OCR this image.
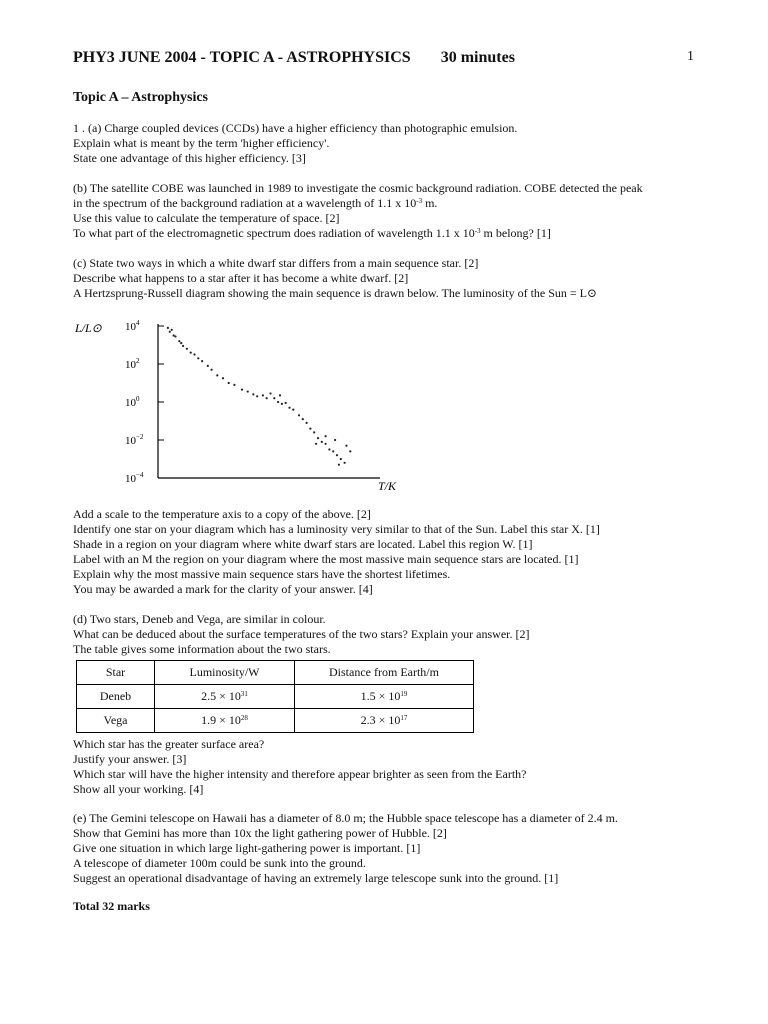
PHY3 JUNE 2004 - TOPIC A - ASTROPHYSICS 30 minutes	1
Topic A – Astrophysics
1 . (a) Charge coupled devices (CCDs) have a higher efficiency than photographic emulsion.
Explain what is meant by the term 'higher efficiency'.
State one advantage of this higher efficiency. [3]
(b) The satellite COBE was launched in 1989 to investigate the cosmic background radiation. COBE detected the peak
in the spectrum of the background radiation at a wavelength of 1.1 x $10^{-3}$ m.
Use this value to calculate the temperature of space. [2]
To what part of the electromagnetic spectrum does radiation of wavelength 1.1 x $10^{-3}$ m belong? [1]
(c) State two ways in which a white dwarf star differs from a main sequence star. [2]
Describe what happens to a star after it has become a white dwarf. [2]
A Hertzsprung-Russell diagram showing the main sequence is drawn below. The luminosity of the Sun = L⊙
L/L⊙ $10^4$
$10^2$
$10^0$
$10^{-2}$
$10^{-4}$
T/K
Add a scale to the temperature axis to a copy of the above. [2]
Identify one star on your diagram which has a luminosity very similar to that of the Sun. Label this star X. [1]
Shade in a region on your diagram where white dwarf stars are located. Label this region W. [1]
Label with an M the region on your diagram where the most massive main sequence stars are located. [1]
Explain why the most massive main sequence stars have the shortest lifetimes.
You may be awarded a mark for the clarity of your answer. [4]
(d) Two stars, Deneb and Vega, are similar in colour.
What can be deduced about the surface temperatures of the two stars? Explain your answer. [2]
The table gives some information about the two stars.
Star	Luminosity/W	Distance from Earth/m
Deneb	$2.5 \times 10^{31}$	$1.5 \times 10^{19}$
Vega	$1.9 \times 10^{28}$	$2.3 \times 10^{17}$
Which star has the greater surface area?
Justify your answer. [3]
Which star will have the higher intensity and therefore appear brighter as seen from the Earth?
Show all your working. [4]
(e) The Gemini telescope on Hawaii has a diameter of 8.0 m; the Hubble space telescope has a diameter of 2.4 m.
Show that Gemini has more than 10x the light gathering power of Hubble. [2]
Give one situation in which large light-gathering power is important. [1]
A telescope of diameter 100m could be sunk into the ground.
Suggest an operational disadvantage of having an extremely large telescope sunk into the ground. [1]
Total 32 marks
